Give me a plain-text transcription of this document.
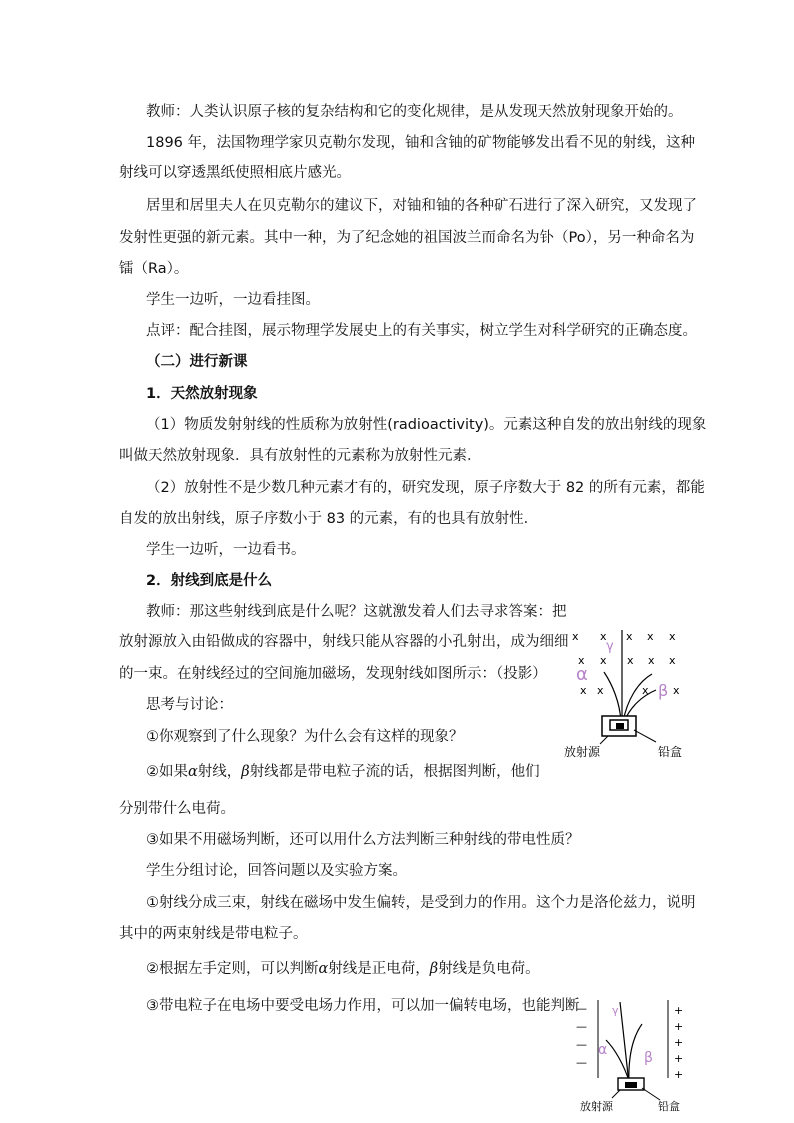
教师：人类认识原子核的复杂结构和它的变化规律，是从发现天然放射现象开始的。
1896 年，法国物理学家贝克勒尔发现，铀和含铀的矿物能够发出看不见的射线，这种
射线可以穿透黑纸使照相底片感光。
居里和居里夫人在贝克勒尔的建议下，对铀和铀的各种矿石进行了深入研究，又发现了
发射性更强的新元素。其中一种，为了纪念她的祖国波兰而命名为钋（Po），另一种命名为
镭（Ra）。
学生一边听，一边看挂图。
点评：配合挂图，展示物理学发展史上的有关事实，树立学生对科学研究的正确态度。
（二）进行新课
1．天然放射现象
（1）物质发射射线的性质称为放射性(radioactivity)。元素这种自发的放出射线的现象
叫做天然放射现象．具有放射性的元素称为放射性元素．
（2）放射性不是少数几种元素才有的，研究发现，原子序数大于 82 的所有元素，都能
自发的放出射线，原子序数小于 83 的元素，有的也具有放射性．
学生一边听，一边看书。
2．射线到底是什么
教师：那这些射线到底是什么呢？这就激发着人们去寻求答案：把
放射源放入由铅做成的容器中，射线只能从容器的小孔射出，成为细细
的一束。在射线经过的空间施加磁场，发现射线如图所示：（投影）
思考与讨论：
①你观察到了什么现象？为什么会有这样的现象？
②如果α射线，β射线都是带电粒子流的话，根据图判断，他们
分别带什么电荷。
③如果不用磁场判断，还可以用什么方法判断三种射线的带电性质？
学生分组讨论，回答问题以及实验方案。
①射线分成三束，射线在磁场中发生偏转，是受到力的作用。这个力是洛伦兹力，说明
其中的两束射线是带电粒子。
②根据左手定则，可以判断α射线是正电荷，β射线是负电荷。
③带电粒子在电场中要受电场力作用，可以加一偏转电场，也能判断
x x x x x
x x x x x
x x	x x
γ
α
β
放射源	铅盒
—
—
—
—
+
+
+
+
+
γ
α	β
放射源	铅盒
